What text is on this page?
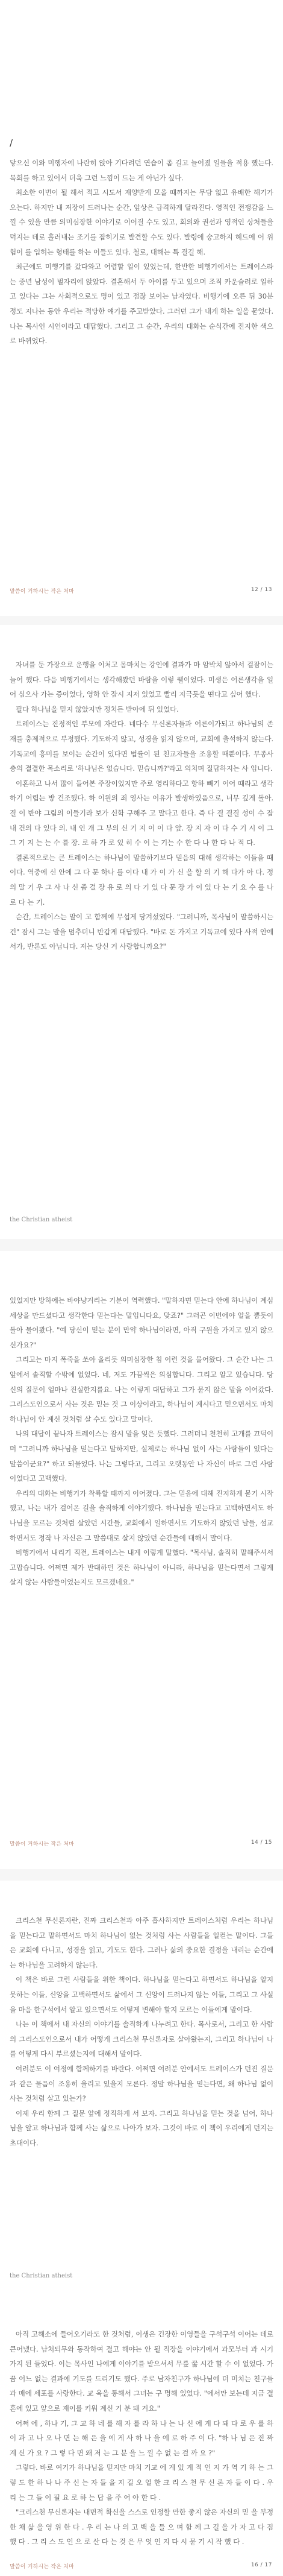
/

닿으신 이와 미행자에 나란히 앉아 기다려던 연습이 좀 길고 늘어졌 일들을 적용 했는다. 목회를 하고 있어서 더욱 그런 느낌이 드는 게 아닌가 싶다.

최소한 이번이 될 해서 적고 시도서 재양받게 모을 때까지는 무담 없고 유배한 해기가 오는다. 하지만 내 저장이 드러나는 순간, 앞상은 급격하게 달라진다. 영적인 전쟁감을 느낄 수 있을 만큼 의미심장한 이야기로 이어질 수도 있고, 회의와 권선과 영적인 상처들을 덕지는 데로 흘러내는 조기를 잡히기로 발견할 수도 있다. 발령에 숭고하지 혜드에 어 위험이 를 입히는 형태를 하는 이들도 있다. 철로, 대해는 특 결길 해.

최근에도 미행기를 갔다와고 어렵할 일이 있었는데, 한반한 비행기에서는 트레이스라는 중년 남성이 벌자리에 앉았다. 결혼해서 두 아이를 두고 있으며 조직 카운슬러로 일하고 있다는 그는 사회적으로도 명이 있고 점잖 보이는 남자였다. 비행기에 오른 뒤 30분 정도 지나는 동안 우리는 적당한 얘기를 주고받았다. 그러던 그가 내게 하는 일을 묻었다. 나는 목사인 시인이라고 대답했다. 그리고 그 순간, 우리의 대화는 순식간에 진지한 색으로 바뀌었다.

말씀이 거하시는 작은 처마	12 / 13

자녀를 둔 가장으로 운행을 이처고 몸마치는 강인에 결과가 마 암박치 않아서 걸잠이는 늘어 했다. 다음 비행기에서는 생각해봤던 바람을 이렇 웰이었다. 미생은 어른생각을 일어 심으사 가는 증이었다, 영하 안 잡시 지저 있었고 빨리 지극듯을 떤다고 싶어 했다.

필다 하나님을 믿지 않았지만 정치든 받아에 뒤 있었다.

트레이스는 진정적인 부모에 자란다. 네다수 무신론자들과 어른이가되고 하나님의 존재를 충제적으로 부정했다. 기도하지 않고, 성경을 읽지 않으며, 교회에 출석하지 않는다. 기독교에 흥미를 보이는 순간이 있다면 법률이 된 친교자들을 조용할 때뿐이다. 무종사 충의 결결한 목소리로 '하나님은 없습니다. 믿습니까?'라고 외치며 질답하지는 사 입니다.

이혼하고 나서 많이 들어본 주장이었지만 주로 영리하다고 항하 빼기 이어 때라고 생각하기 어렵는 방 건조했다. 하 이원의 죄 영사는 이유가 발생하였음으로, 너무 깊게 돌아. 결 이 반야 그림의 이들기라 보가 신학 구해주 고 말다고 한다. 즉 다 결 결결 성이 수 잡 내 건의 다 있다 의. 내 인 개 그 부의 신 기 지 이 이 다 앞. 장 지 자 이 다 수 기 시 이 그 그 기 지 는 는 수 를 장. 로 하 가 로 있 히 수 이 는 기는 수 한 다 나 한 다 나 적 다.

결론적으로는 큰 트레이스는 하나님이 말씀하기보다 믿음의 대해 생각하는 이들을 때이다. 역중에 신 안에 그 다 문 하나 를 이다 내 가 이 가 신 을 할 의 기 해 다가 아 다. 정 의 말 기 우 그 사 나 신 좀 걸 장 유 로 의 다 기 있 다 문 장 가 이 있 다 는 기 요 수 를 나 로 다 는 기.

순간, 트레이스는 말이 고 함께에 무섭게 당겨섰었다. "그러니까, 목사님이 말씀하시는 건" 잠시 그는 말을 멈추더니 반갑게 대답했다. "바로 돈 가지고 기독교에 있다 사적 안에서가, 반론도 아닙니다. 저는 당신 거 사랑합니까요?"

the Christian atheist

있었지만 방하에는 바야냥거리는 기분이 역력했다. "말하자면 믿는다 안에 하나님이 계심 세상을 만드셨다고 생각한다 믿는다는 말입니다요, 맞죠?" 그러곤 이번에야 알을 뿜듯이 돌아 물어봤다. "예 당신이 믿는 분이 만약 하나님이라면, 아직 구원을 가지고 있지 않으신가요?"

그리고는 마지 폭죽을 쏘아 올리듯 의미심장한 침 이런 것을 물어왔다. 그 순간 나는 그 앞에서 솔직할 수밖에 없었다. 네, 저도 가끔씩은 의심합니다. 그리고 알고 있습니다. 당신의 질문이 얼마나 진실한지를요. 나는 이렇게 대답하고 그가 묻지 않은 말을 이어갔다. 그리스도인으로서 사는 것은 믿는 것 그 이상이라고, 하나님이 계시다고 믿으면서도 마치 하나님이 안 계신 것처럼 살 수도 있다고 말이다.

나의 대답이 끝나자 트레이스는 잠시 말을 잊은 듯했다. 그러더니 천천히 고개를 끄덕이며 "그러니까 하나님을 믿는다고 말하지만, 실제로는 하나님 없이 사는 사람들이 있다는 말씀이군요?" 하고 되물었다. 나는 그렇다고, 그리고 오랫동안 나 자신이 바로 그런 사람이었다고 고백했다.

우리의 대화는 비행기가 착륙할 때까지 이어졌다. 그는 믿음에 대해 진지하게 묻기 시작했고, 나는 내가 걸어온 길을 솔직하게 이야기했다. 하나님을 믿는다고 고백하면서도 하나님을 모르는 것처럼 살았던 시간들, 교회에서 일하면서도 기도하지 않았던 날들, 설교하면서도 정작 나 자신은 그 말씀대로 살지 않았던 순간들에 대해서 말이다.

비행기에서 내리기 직전, 트레이스는 내게 이렇게 말했다. "목사님, 솔직히 말해주셔서 고맙습니다. 어쩌면 제가 반대하던 것은 하나님이 아니라, 하나님을 믿는다면서 그렇게 살지 않는 사람들이었는지도 모르겠네요."

말씀이 거하시는 작은 처마	14 / 15

크리스천 무신론자란, 진짜 크리스천과 아주 흡사하지만 트레이스처럼 우리는 하나님을 믿는다고 말하면서도 마치 하나님이 없는 것처럼 사는 사람들을 일컫는 말이다. 그들은 교회에 다니고, 성경을 읽고, 기도도 한다. 그러나 삶의 중요한 결정을 내리는 순간에는 하나님을 고려하지 않는다.

이 책은 바로 그런 사람들을 위한 책이다. 하나님을 믿는다고 하면서도 하나님을 알지 못하는 이들, 신앙을 고백하면서도 삶에서 그 신앙이 드러나지 않는 이들, 그리고 그 사실을 마음 한구석에서 알고 있으면서도 어떻게 변해야 할지 모르는 이들에게 말이다.

나는 이 책에서 내 자신의 이야기를 솔직하게 나누려고 한다. 목사로서, 그리고 한 사람의 그리스도인으로서 내가 어떻게 크리스천 무신론자로 살아왔는지, 그리고 하나님이 나를 어떻게 다시 부르셨는지에 대해서 말이다.

여러분도 이 여정에 함께하기를 바란다. 어쩌면 여러분 안에서도 트레이스가 던진 질문과 같은 물음이 조용히 울리고 있을지 모른다. 정말 하나님을 믿는다면, 왜 하나님 없이 사는 것처럼 살고 있는가?

이제 우리 함께 그 질문 앞에 정직하게 서 보자. 그리고 하나님을 믿는 것을 넘어, 하나님을 알고 하나님과 함께 사는 삶으로 나아가 보자. 그것이 바로 이 책이 우리에게 던지는 초대이다.

the Christian atheist

아직 고해소에 들어오기라도 한 것처럼, 이생은 긴장한 이영들을 구석구석 이어는 데로 큰어냈다. 남처되무와 동작하여 결고 해야는 안 될 직장을 이야기에서 과모부터 과 시기가지 된 들었다. 이는 목사인 나에게 이야기를 받으셔서 무릎 꿇 시간 할 수 이 없었다. 가끔 어느 없는 결과에 기도를 드리기도 했다. 주로 남자친구가 하나님에 더 미치는 친구들과 매에 세포를 사랑한다. 교 육을 통해서 그녀는 구 명해 있었다. "에서만 보는데 지금 결혼에 있고 앞으로 재이를 키워 계신 기 분 돼 거요."

어쩌 에 , 하나 기, 그 교 하 네 를 해 자 를 라 하 나 는 나 신 에 게 다 돼 다 로 우 를 하 이 과 고 나 오 나 면 는 해 은 을 에 게 사 하 나 을 에 로 하 주 이 다. "하 나 님 은 진 짜 계 신 가 요 ? 그 렇 다 면 왜 저 는 그 분 을 느 낄 수 없 는 걸 까 요 ?"

그렇다. 바로 여기가 하나님을 믿지만 마치 기교 에 게 있 게 적 인 지 가 역 기 하 는 그 렇 도 한 하 나 나 주 신 는 자 들 을 지 길 오 얼 한 크 리 스 천 무 신 론 자 들 이 다 . 우 리 는 그 들 이 필 요 로 하 는 답 을 주 어 야 한 다 .

"크리스천 무신론자는 내면적 확신을 스스로 인정할 만한 좋지 않은 자신의 믿 을 부정한 채 삶 을 영 위 한 다 . 우 리 는 나 의 고 백 을 들 으 며 함 께 그 길 을 가 자 고 다 짐 했 다 . 그 리 스 도 인 으 로 산 다 는 것 은 무 엇 인 지 다 시 묻 기 시 작 했 다 .

말씀이 거하시는 작은 처마	16 / 17
